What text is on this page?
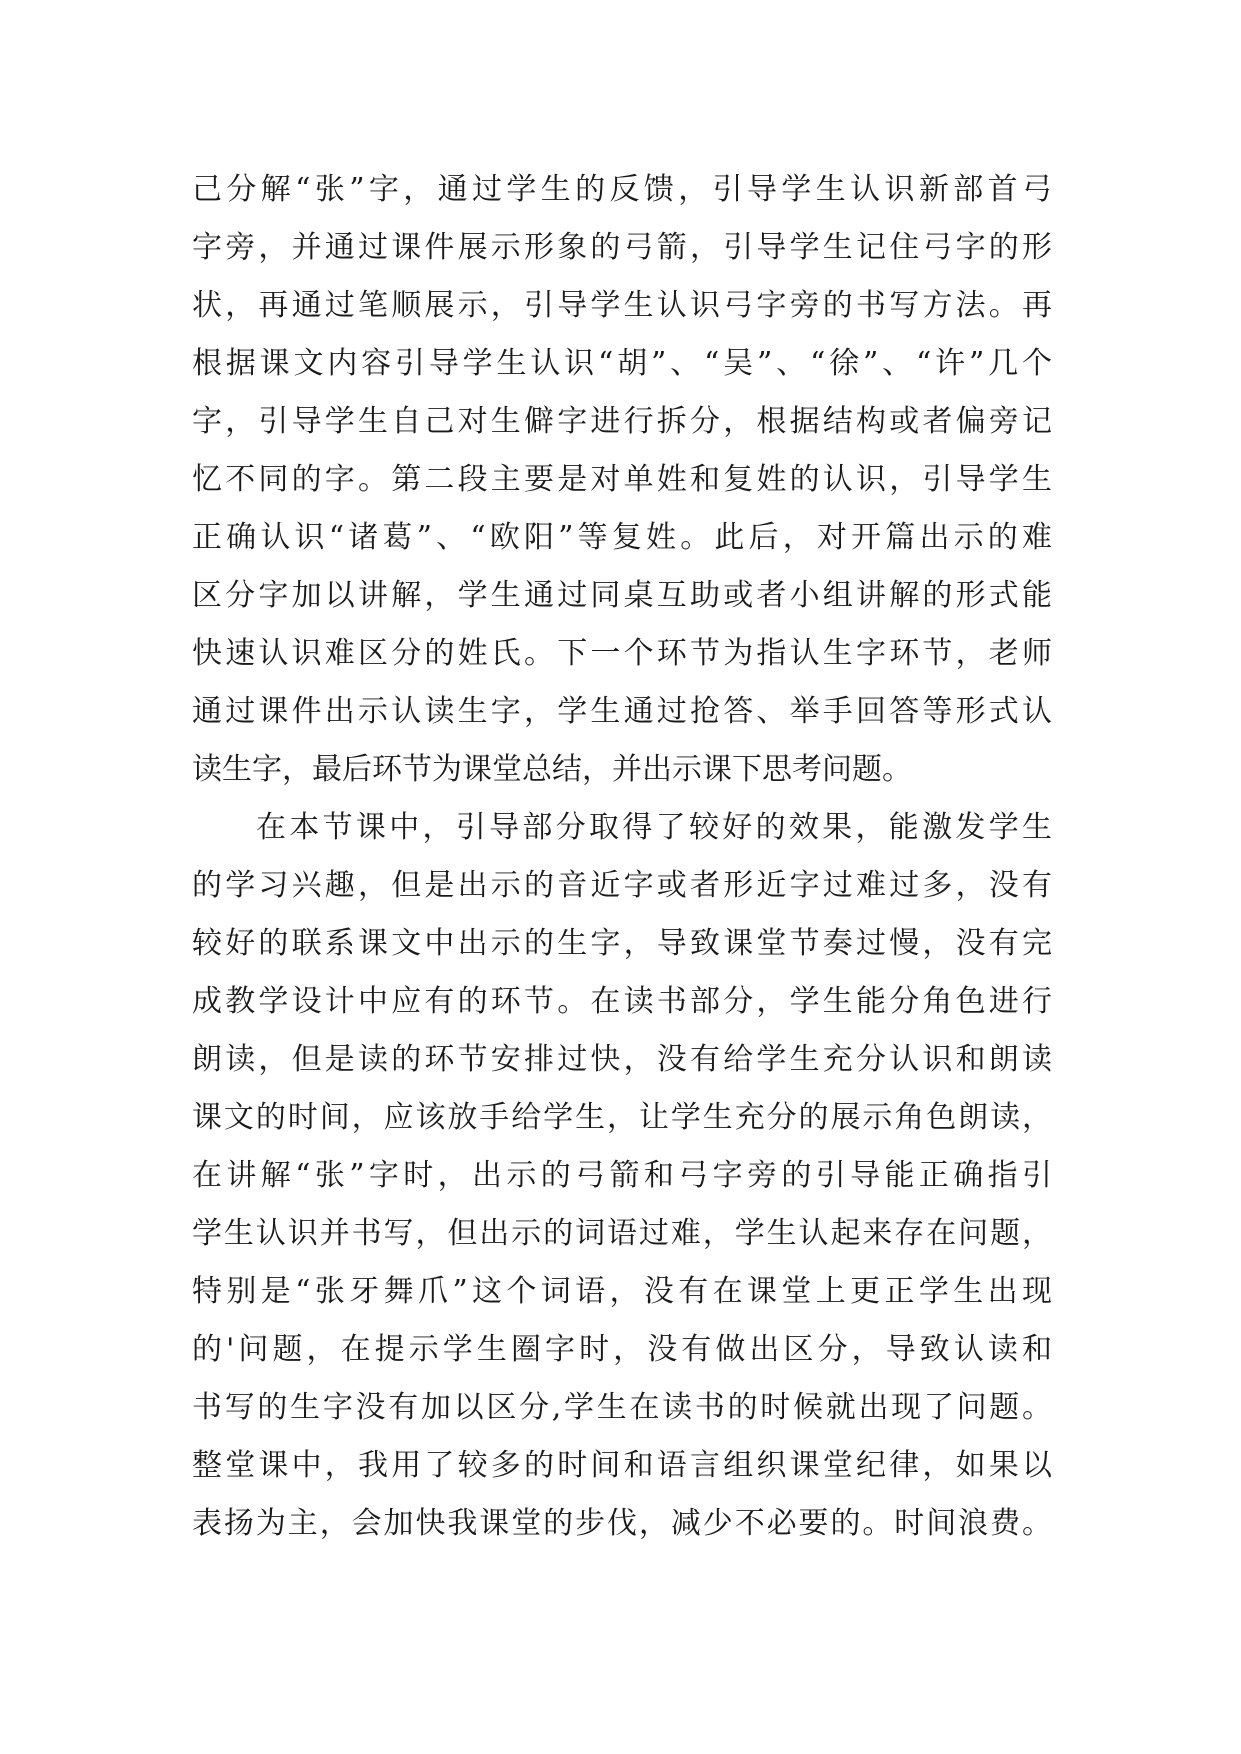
己分解“张”字，通过学生的反馈，引导学生认识新部首弓
字旁，并通过课件展示形象的弓箭，引导学生记住弓字的形
状，再通过笔顺展示，引导学生认识弓字旁的书写方法。再
根据课文内容引导学生认识“胡”、“吴”、“徐”、“许”几个
字，引导学生自己对生僻字进行拆分，根据结构或者偏旁记
忆不同的字。第二段主要是对单姓和复姓的认识，引导学生
正确认识“诸葛”、“欧阳”等复姓。此后，对开篇出示的难
区分字加以讲解，学生通过同桌互助或者小组讲解的形式能
快速认识难区分的姓氏。下一个环节为指认生字环节，老师
通过课件出示认读生字，学生通过抢答、举手回答等形式认
读生字，最后环节为课堂总结，并出示课下思考问题。
在本节课中，引导部分取得了较好的效果，能激发学生
的学习兴趣，但是出示的音近字或者形近字过难过多，没有
较好的联系课文中出示的生字，导致课堂节奏过慢，没有完
成教学设计中应有的环节。在读书部分，学生能分角色进行
朗读，但是读的环节安排过快，没有给学生充分认识和朗读
课文的时间，应该放手给学生，让学生充分的展示角色朗读，
在讲解“张”字时，出示的弓箭和弓字旁的引导能正确指引
学生认识并书写，但出示的词语过难，学生认起来存在问题，
特别是“张牙舞爪”这个词语，没有在课堂上更正学生出现
的'问题，在提示学生圈字时，没有做出区分，导致认读和
书写的生字没有加以区分,学生在读书的时候就出现了问题。
整堂课中，我用了较多的时间和语言组织课堂纪律，如果以
表扬为主，会加快我课堂的步伐，减少不必要的。时间浪费。
